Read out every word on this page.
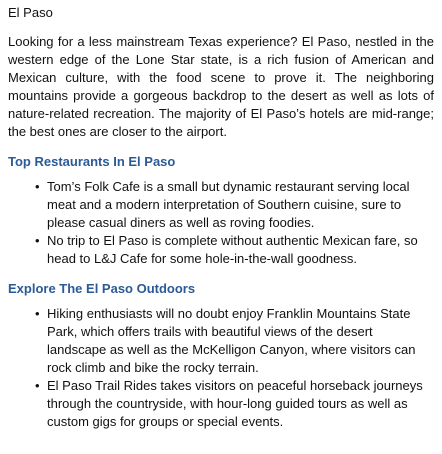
El Paso

Looking for a less mainstream Texas experience? El Paso, nestled in the western edge of the Lone Star state, is a rich fusion of American and Mexican culture, with the food scene to prove it. The neighboring mountains provide a gorgeous backdrop to the desert as well as lots of nature-related recreation. The majority of El Paso’s hotels are mid-range; the best ones are closer to the airport.

Top Restaurants In El Paso
• Tom’s Folk Cafe is a small but dynamic restaurant serving local meat and a modern interpretation of Southern cuisine, sure to please casual diners as well as roving foodies.
• No trip to El Paso is complete without authentic Mexican fare, so head to L&J Cafe for some hole-in-the-wall goodness.
Explore The El Paso Outdoors
• Hiking enthusiasts will no doubt enjoy Franklin Mountains State Park, which offers trails with beautiful views of the desert landscape as well as the McKelligon Canyon, where visitors can rock climb and bike the rocky terrain.
• El Paso Trail Rides takes visitors on peaceful horseback journeys through the countryside, with hour-long guided tours as well as custom gigs for groups or special events.
